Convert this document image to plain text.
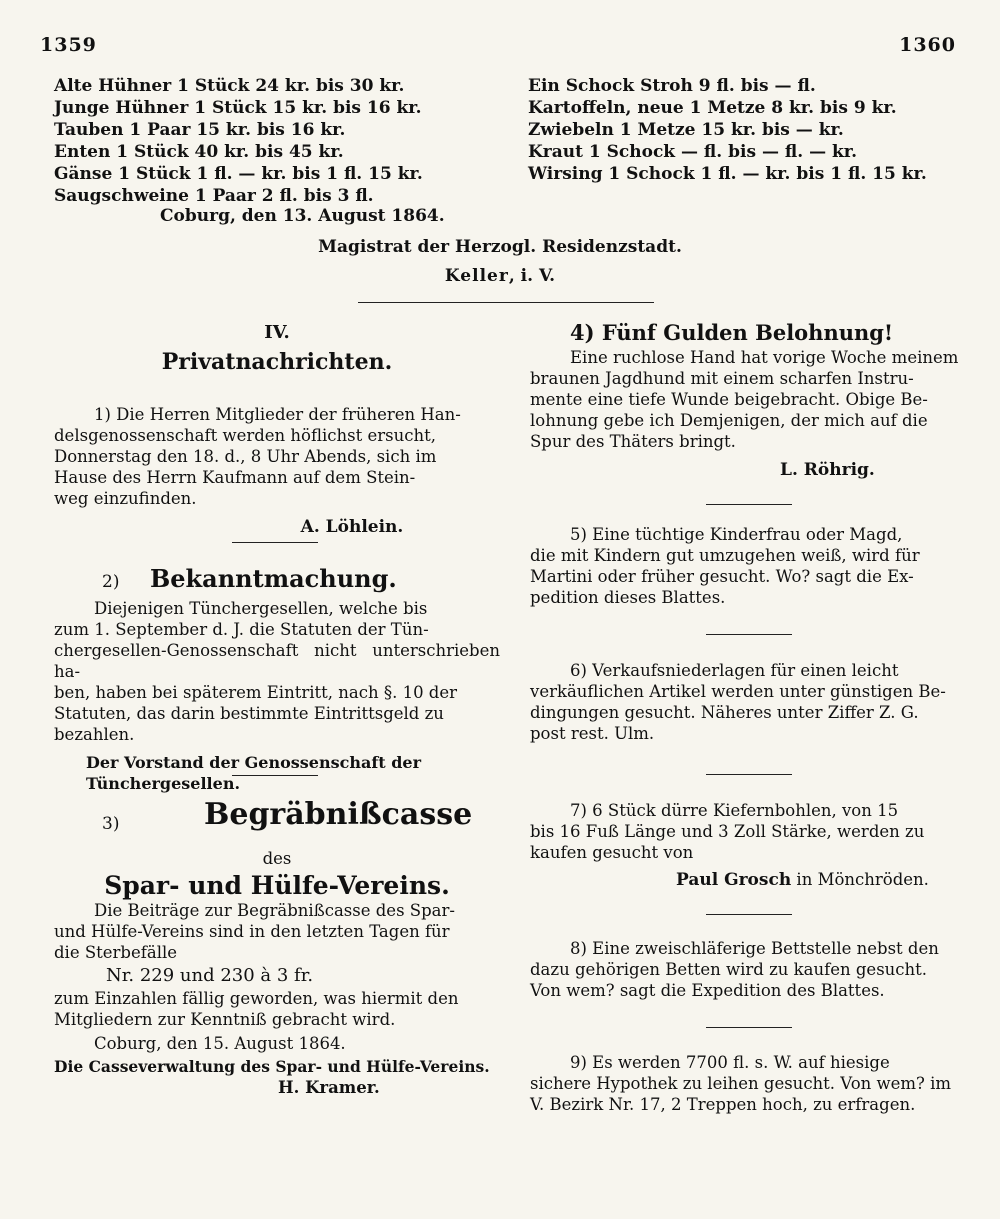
1359	1360
Alte Hühner 1 Stück 24 kr. bis 30 kr.
Junge Hühner 1 Stück 15 kr. bis 16 kr.
Tauben 1 Paar 15 kr. bis 16 kr.
Enten 1 Stück 40 kr. bis 45 kr.
Gänse 1 Stück 1 fl. — kr. bis 1 fl. 15 kr.
Saugschweine 1 Paar 2 fl. bis 3 fl.
Ein Schock Stroh 9 fl. bis — fl.
Kartoffeln, neue 1 Metze 8 kr. bis 9 kr.
Zwiebeln 1 Metze 15 kr. bis — kr.
Kraut 1 Schock — fl. bis — fl. — kr.
Wirsing 1 Schock 1 fl. — kr. bis 1 fl. 15 kr.
Coburg, den 13. August 1864.
Magistrat der Herzogl. Residenzstadt.
Keller, i. V.
IV.
Privatnachrichten.

1) Die Herren Mitglieder der früheren Han-

delsgenossenschaft werden höflichst ersucht,

Donnerstag den 18. d., 8 Uhr Abends, sich im

Hause des Herrn Kaufmann auf dem Stein-

weg einzufinden.

A. Löhlein.
2) Bekanntmachung.

Diejenigen Tünchergesellen, welche bis

zum 1. September d. J. die Statuten der Tün-

chergesellen-Genossenschaft nicht unterschrieben ha-

ben, haben bei späterem Eintritt, nach §. 10 der

Statuten, das darin bestimmte Eintrittsgeld zu

bezahlen.

Der Vorstand der Genossenschaft der Tünchergesellen.
3)	Begräbnißcasse
des
Spar- und Hülfe-Vereins.

Die Beiträge zur Begräbnißcasse des Spar-

und Hülfe-Vereins sind in den letzten Tagen für

die Sterbefälle

Nr. 229 und 230 à 3 fr.

zum Einzahlen fällig geworden, was hiermit den

Mitgliedern zur Kenntniß gebracht wird.

Coburg, den 15. August 1864.
Die Casseverwaltung des Spar- und Hülfe-Vereins.
H. Kramer.
4) Fünf Gulden Belohnung!

Eine ruchlose Hand hat vorige Woche meinem

braunen Jagdhund mit einem scharfen Instru-

mente eine tiefe Wunde beigebracht. Obige Be-

lohnung gebe ich Demjenigen, der mich auf die

Spur des Thäters bringt.

L. Röhrig.

5) Eine tüchtige Kinderfrau oder Magd,

die mit Kindern gut umzugehen weiß, wird für

Martini oder früher gesucht. Wo? sagt die Ex-

pedition dieses Blattes.

6) Verkaufsniederlagen für einen leicht

verkäuflichen Artikel werden unter günstigen Be-

dingungen gesucht. Näheres unter Ziffer Z. G.

post rest. Ulm.

7) 6 Stück dürre Kiefernbohlen, von 15

bis 16 Fuß Länge und 3 Zoll Stärke, werden zu

kaufen gesucht von

Paul Grosch in Mönchröden.

8) Eine zweischläferige Bettstelle nebst den

dazu gehörigen Betten wird zu kaufen gesucht.

Von wem? sagt die Expedition des Blattes.

9) Es werden 7700 fl. s. W. auf hiesige

sichere Hypothek zu leihen gesucht. Von wem? im

V. Bezirk Nr. 17, 2 Treppen hoch, zu erfragen.
